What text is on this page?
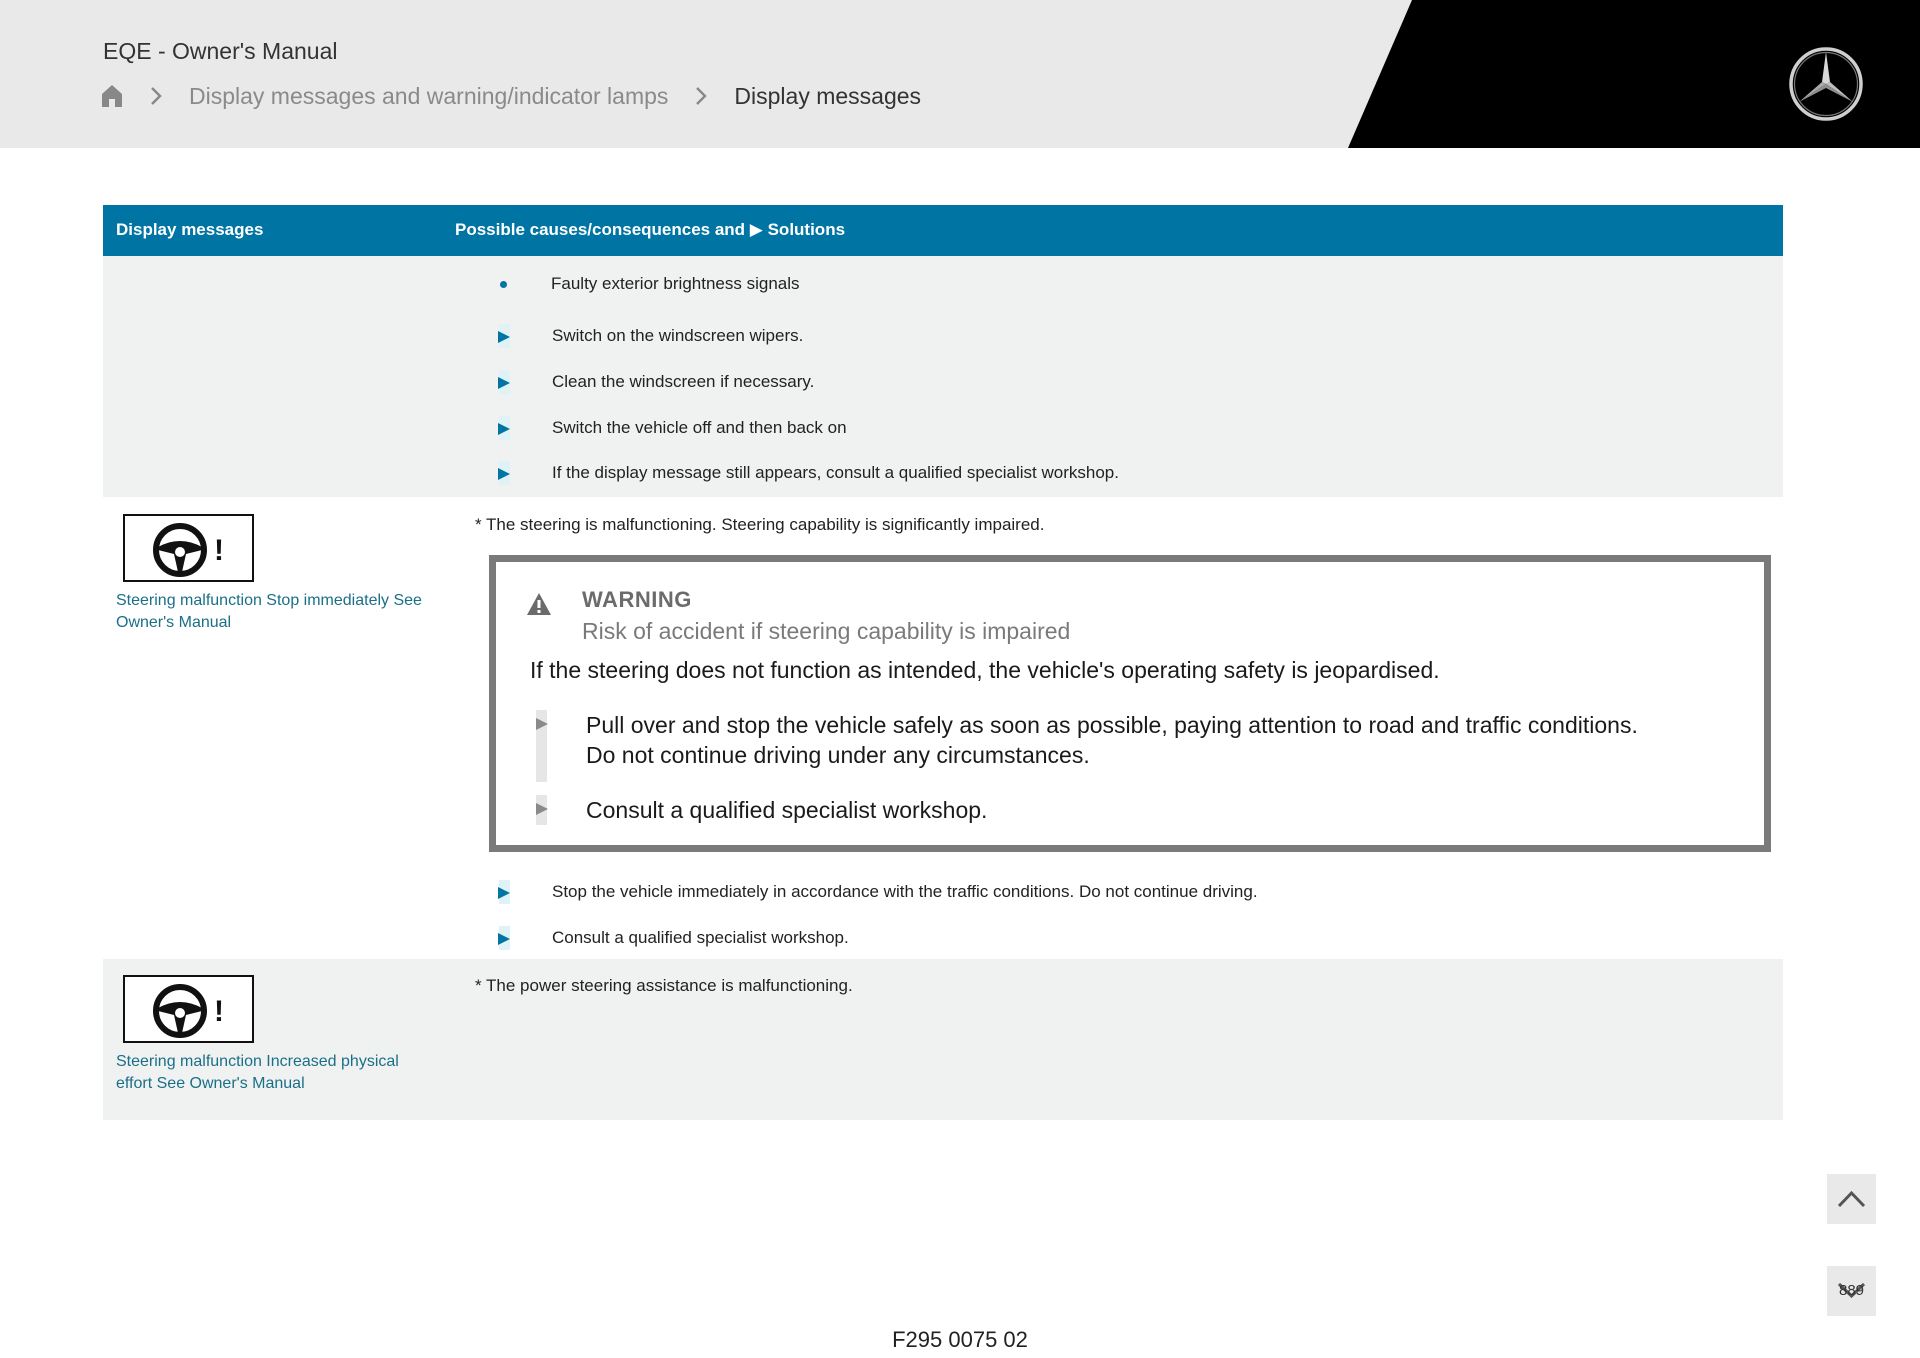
EQE - Owner's Manual
Display messages and warning/indicator lamps	Display messages
Display messages	Possible causes/consequences and ▶ Solutions
Faulty exterior brightness signals
Switch on the windscreen wipers.
Clean the windscreen if necessary.
Switch the vehicle off and then back on
If the display message still appears, consult a qualified specialist workshop.
!
Steering malfunction Stop immediately See Owner's Manual
* The steering is malfunctioning. Steering capability is significantly impaired.
WARNING
Risk of accident if steering capability is impaired
If the steering does not function as intended, the vehicle's operating safety is jeopardised.
Pull over and stop the vehicle safely as soon as possible, paying attention to road and traffic conditions.
Do not continue driving under any circumstances.
Consult a qualified specialist workshop.
Stop the vehicle immediately in accordance with the traffic conditions. Do not continue driving.
Consult a qualified specialist workshop.
!
Steering malfunction Increased physical effort See Owner's Manual
* The power steering assistance is malfunctioning.
889
F295 0075 02
